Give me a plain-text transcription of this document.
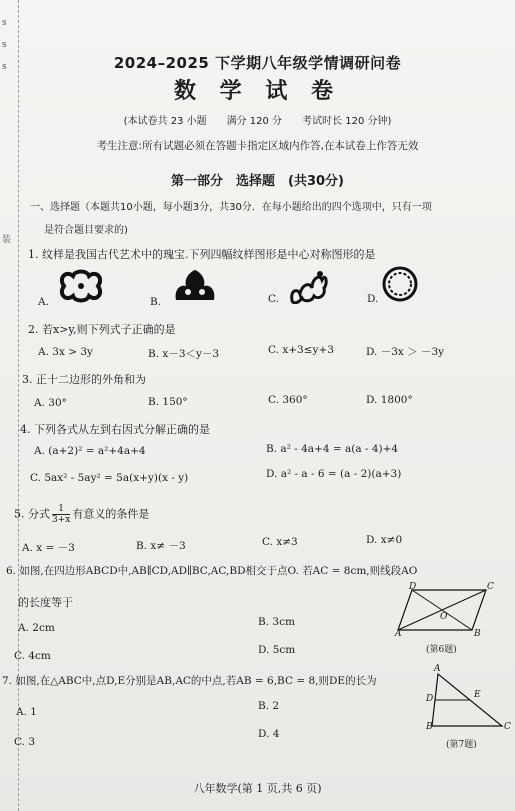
s
s
s
装
2024–2025 下学期八年级学情调研问卷
数 学 试 卷
(本试卷共 23 小题　　满分 120 分　　考试时长 120 分钟)
考生注意:所有试题必须在答题卡指定区域内作答,在本试卷上作答无效
第一部分　选择题　(共30分)
一、选择题（本题共10小题，每小题3分，共30分．在每小题给出的四个选项中，只有一项
是符合题目要求的)
1. 纹样是我国古代艺术中的瑰宝.下列四幅纹样图形是中心对称图形的是
A.	B.	C.	D.
2. 若x>y,则下列式子正确的是
A. 3x > 3y	B. x－3＜y－3	C. x+3≤y+3	D. －3x ＞ －3y
3. 正十二边形的外角和为
A. 30°	B. 150°	C. 360°	D. 1800°
4. 下列各式从左到右因式分解正确的是
A. (a+2)² = a²+4a+4	B. a² - 4a+4 = a(a - 4)+4
C. 5ax² - 5ay² = 5a(x+y)(x - y)	D. a² - a - 6 = (a - 2)(a+3)
5. 分式 $\frac{1}{3+x}$ 有意义的条件是
A. x = －3	B. x≠ －3	C. x≠3	D. x≠0
6. 如图,在四边形ABCD中,AB∥CD,AD∥BC,AC,BD相交于点O. 若AC = 8cm,则线段AO
的长度等于
A. 2cm	B. 3cm
C. 4cm	D. 5cm
D	C
A	B
O
(第6题)
7. 如图,在△ABC中,点D,E分别是AB,AC的中点,若AB = 6,BC = 8,则DE的长为
A. 1	B. 2
C. 3
D. 4
A
D	E
B	C
(第7题)
八年数学(第 1 页,共 6 页)
